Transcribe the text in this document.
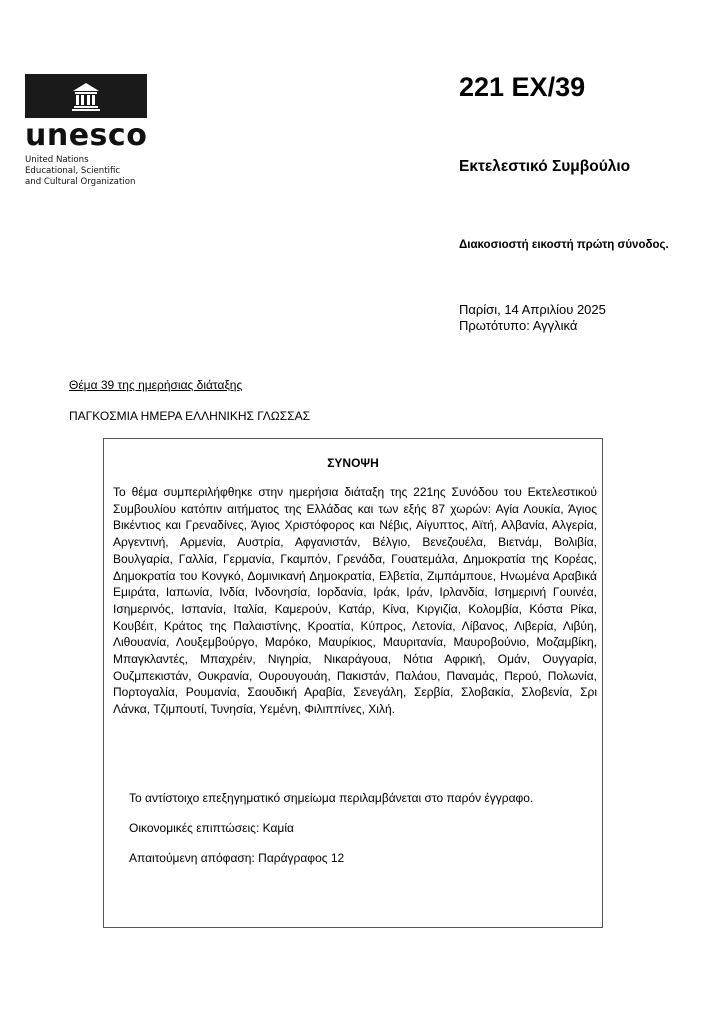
unesco
United Nations
Educational, Scientific
and Cultural Organization
221 EX/39
Εκτελεστικό Συμβούλιο
Διακοσιοστή εικοστή πρώτη σύνοδος.
Παρίσι, 14 Απριλίου 2025
Πρωτότυπο: Αγγλικά
Θέμα 39 της ημερήσιας διάταξης
ΠΑΓΚΟΣΜΙΑ ΗΜΕΡΑ ΕΛΛΗΝΙΚΗΣ ΓΛΩΣΣΑΣ
ΣΥΝΟΨΗ
Το θέμα συμπεριλήφθηκε στην ημερήσια διάταξη της 221ης Συνόδου του Εκτελεστικού Συμβουλίου κατόπιν αιτήματος της Ελλάδας και των εξής 87 χωρών: Αγία Λουκία, Άγιος Βικέντιος και Γρεναδίνες, Άγιος Χριστόφορος και Νέβις, Αίγυπτος, Αϊτή, Αλβανία, Αλγερία, Αργεντινή, Αρμενία, Αυστρία, Αφγανιστάν, Βέλγιο, Βενεζουέλα, Βιετνάμ, Βολιβία, Βουλγαρία, Γαλλία, Γερμανία, Γκαμπόν, Γρενάδα, Γουατεμάλα, Δημοκρατία της Κορέας, Δημοκρατία του Κονγκό, Δομινικανή Δημοκρατία, Ελβετία, Ζιμπάμπουε, Ηνωμένα Αραβικά Εμιράτα, Ιαπωνία, Ινδία, Ινδονησία, Ιορδανία, Ιράκ, Ιράν, Ιρλανδία, Ισημερινή Γουινέα, Ισημερινός, Ισπανία, Ιταλία, Καμερούν, Κατάρ, Κίνα, Κιργιζία, Κολομβία, Κόστα Ρίκα, Κουβέιτ, Κράτος της Παλαιστίνης, Κροατία, Κύπρος, Λετονία, Λίβανος, Λιβερία, Λιβύη, Λιθουανία, Λουξεμβούργο, Μαρόκο, Μαυρίκιος, Μαυριτανία, Μαυροβούνιο, Μοζαμβίκη, Μπαγκλαντές, Μπαχρέιν, Νιγηρία, Νικαράγουα, Νότια Αφρική, Ομάν, Ουγγαρία, Ουζμπεκιστάν, Ουκρανία, Ουρουγουάη, Πακιστάν, Παλάου, Παναμάς, Περού, Πολωνία, Πορτογαλία, Ρουμανία, Σαουδική Αραβία, Σενεγάλη, Σερβία, Σλοβακία, Σλοβενία, Σρι Λάνκα, Τζιμπουτί, Τυνησία, Υεμένη, Φιλιππίνες, Χιλή.
Το αντίστοιχο επεξηγηματικό σημείωμα περιλαμβάνεται στο παρόν έγγραφο.
Οικονομικές επιπτώσεις: Καμία
Απαιτούμενη απόφαση: Παράγραφος 12
